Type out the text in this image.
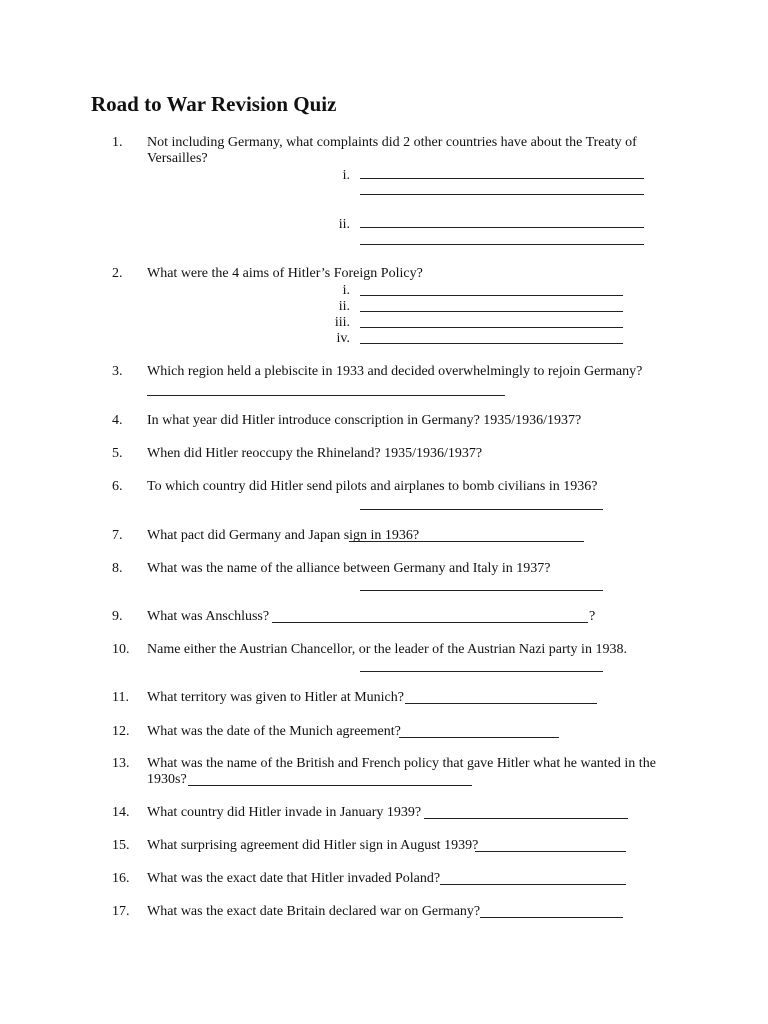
Road to War Revision Quiz
1. Not including Germany, what complaints did 2 other countries have about the Treaty of
Versailles?
i.
ii.
2. What were the 4 aims of Hitler’s Foreign Policy?
i.
ii.
iii.
iv.
3. Which region held a plebiscite in 1933 and decided overwhelmingly to rejoin Germany?
4. In what year did Hitler introduce conscription in Germany? 1935/1936/1937?
5. When did Hitler reoccupy the Rhineland? 1935/1936/1937?
6. To which country did Hitler send pilots and airplanes to bomb civilians in 1936?
7. What pact did Germany and Japan sign in 1936?
8. What was the name of the alliance between Germany and Italy in 1937?
9. What was Anschluss?	?
10. Name either the Austrian Chancellor, or the leader of the Austrian Nazi party in 1938.
11. What territory was given to Hitler at Munich?
12. What was the date of the Munich agreement?
13. What was the name of the British and French policy that gave Hitler what he wanted in the
1930s?
14. What country did Hitler invade in January 1939?
15. What surprising agreement did Hitler sign in August 1939?
16. What was the exact date that Hitler invaded Poland?
17. What was the exact date Britain declared war on Germany?
